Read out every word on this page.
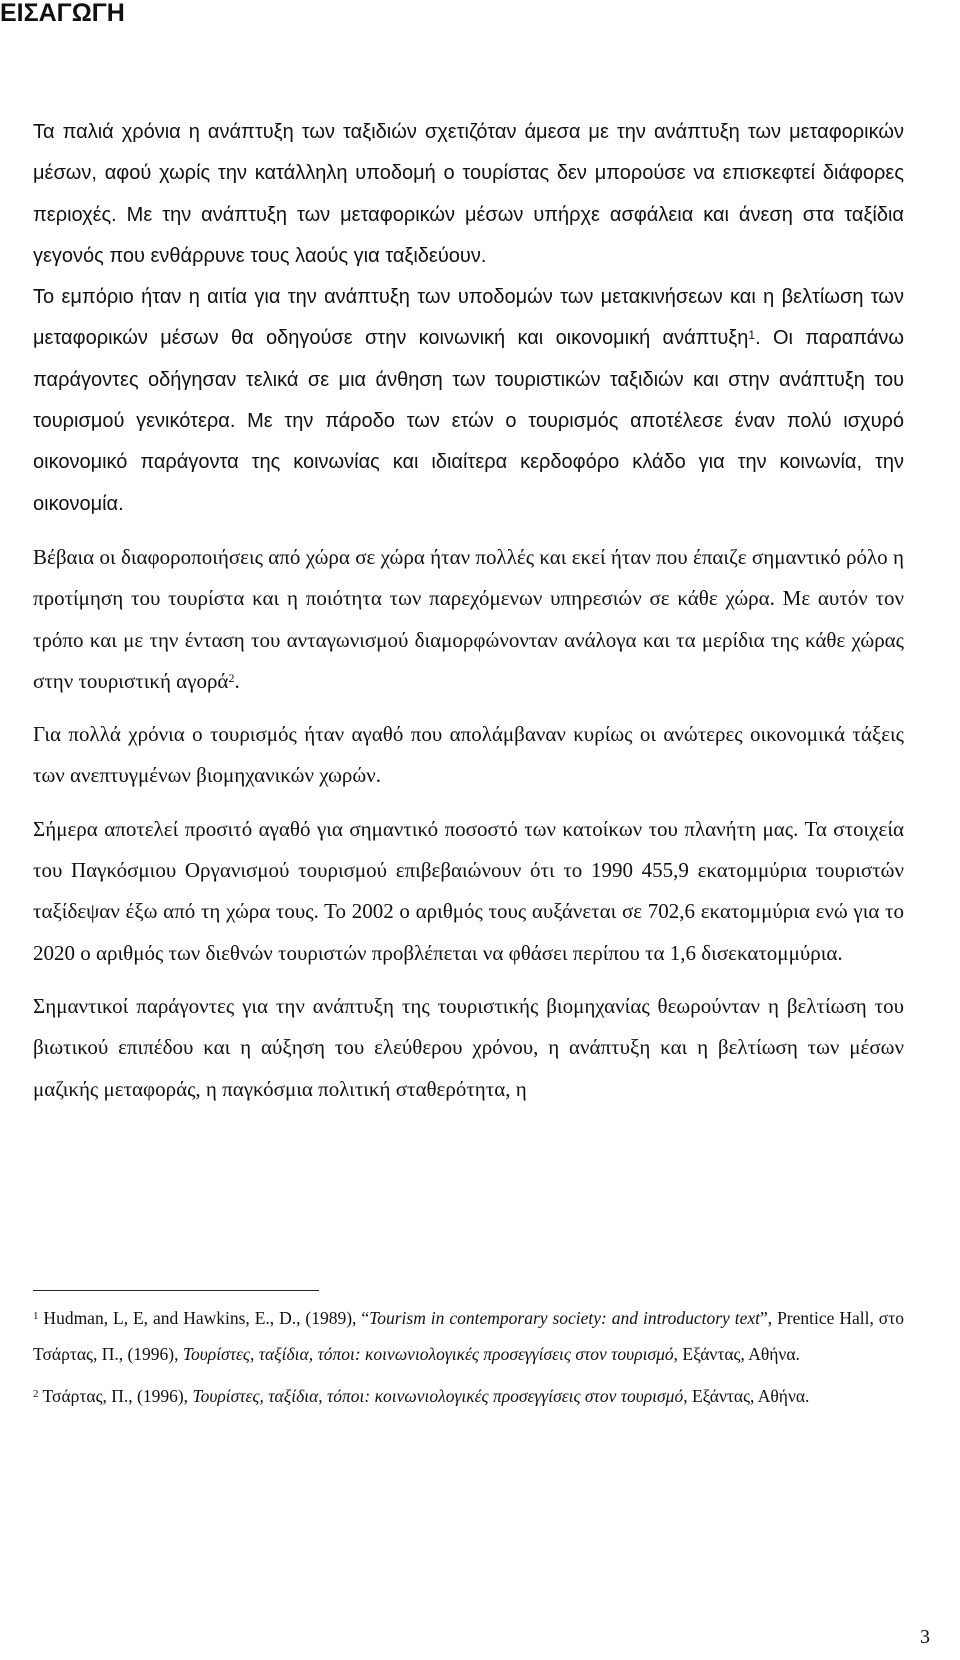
ΕΙΣΑΓΩΓΗ

Τα παλιά χρόνια η ανάπτυξη των ταξιδιών σχετιζόταν άμεσα με την ανάπτυξη των μεταφορικών μέσων, αφού χωρίς την κατάλληλη υποδομή ο τουρίστας δεν μπορούσε να επισκεφτεί διάφορες περιοχές. Με την ανάπτυξη των μεταφορικών μέσων υπήρχε ασφάλεια και άνεση στα ταξίδια γεγονός που ενθάρρυνε τους λαούς για ταξιδεύουν.

Το εμπόριο ήταν η αιτία για την ανάπτυξη των υποδομών των μετακινήσεων και η βελτίωση των μεταφορικών μέσων θα οδηγούσε στην κοινωνική και οικονομική ανάπτυξη$^1$. Οι παραπάνω παράγοντες οδήγησαν τελικά σε μια άνθηση των τουριστικών ταξιδιών και στην ανάπτυξη του τουρισμού γενικότερα. Με την πάροδο των ετών ο τουρισμός αποτέλεσε έναν πολύ ισχυρό οικονομικό παράγοντα της κοινωνίας και ιδιαίτερα κερδοφόρο κλάδο για την κοινωνία, την οικονομία.

Βέβαια οι διαφοροποιήσεις από χώρα σε χώρα ήταν πολλές και εκεί ήταν που έπαιζε σημαντικό ρόλο η προτίμηση του τουρίστα και η ποιότητα των παρεχόμενων υπηρεσιών σε κάθε χώρα. Με αυτόν τον τρόπο και με την ένταση του ανταγωνισμού διαμορφώνονταν ανάλογα και τα μερίδια της κάθε χώρας στην τουριστική αγορά$^2$.

Για πολλά χρόνια ο τουρισμός ήταν αγαθό που απολάμβαναν κυρίως οι ανώτερες οικονομικά τάξεις των ανεπτυγμένων βιομηχανικών χωρών.

Σήμερα αποτελεί προσιτό αγαθό για σημαντικό ποσοστό των κατοίκων του πλανήτη μας. Τα στοιχεία του Παγκόσμιου Οργανισμού τουρισμού επιβεβαιώνουν ότι το 1990 455,9 εκατομμύρια τουριστών ταξίδεψαν έξω από τη χώρα τους. Το 2002 ο αριθμός τους αυξάνεται σε 702,6 εκατομμύρια ενώ για το 2020 ο αριθμός των διεθνών τουριστών προβλέπεται να φθάσει περίπου τα 1,6 δισεκατομμύρια.

Σημαντικοί παράγοντες για την ανάπτυξη της τουριστικής βιομηχανίας θεωρούνταν η βελτίωση του βιωτικού επιπέδου και η αύξηση του ελεύθερου χρόνου, η ανάπτυξη και η βελτίωση των μέσων μαζικής μεταφοράς, η παγκόσμια πολιτική σταθερότητα, η

$^1$ Hudman, L, E, and Hawkins, E., D., (1989), “Tourism in contemporary society: and introductory text”, Prentice Hall, στο Τσάρτας, Π., (1996), Τουρίστες, ταξίδια, τόποι: κοινωνιολογικές προσεγγίσεις στον τουρισμό, Εξάντας, Αθήνα.

$^2$ Τσάρτας, Π., (1996), Τουρίστες, ταξίδια, τόποι: κοινωνιολογικές προσεγγίσεις στον τουρισμό, Εξάντας, Αθήνα.

3
